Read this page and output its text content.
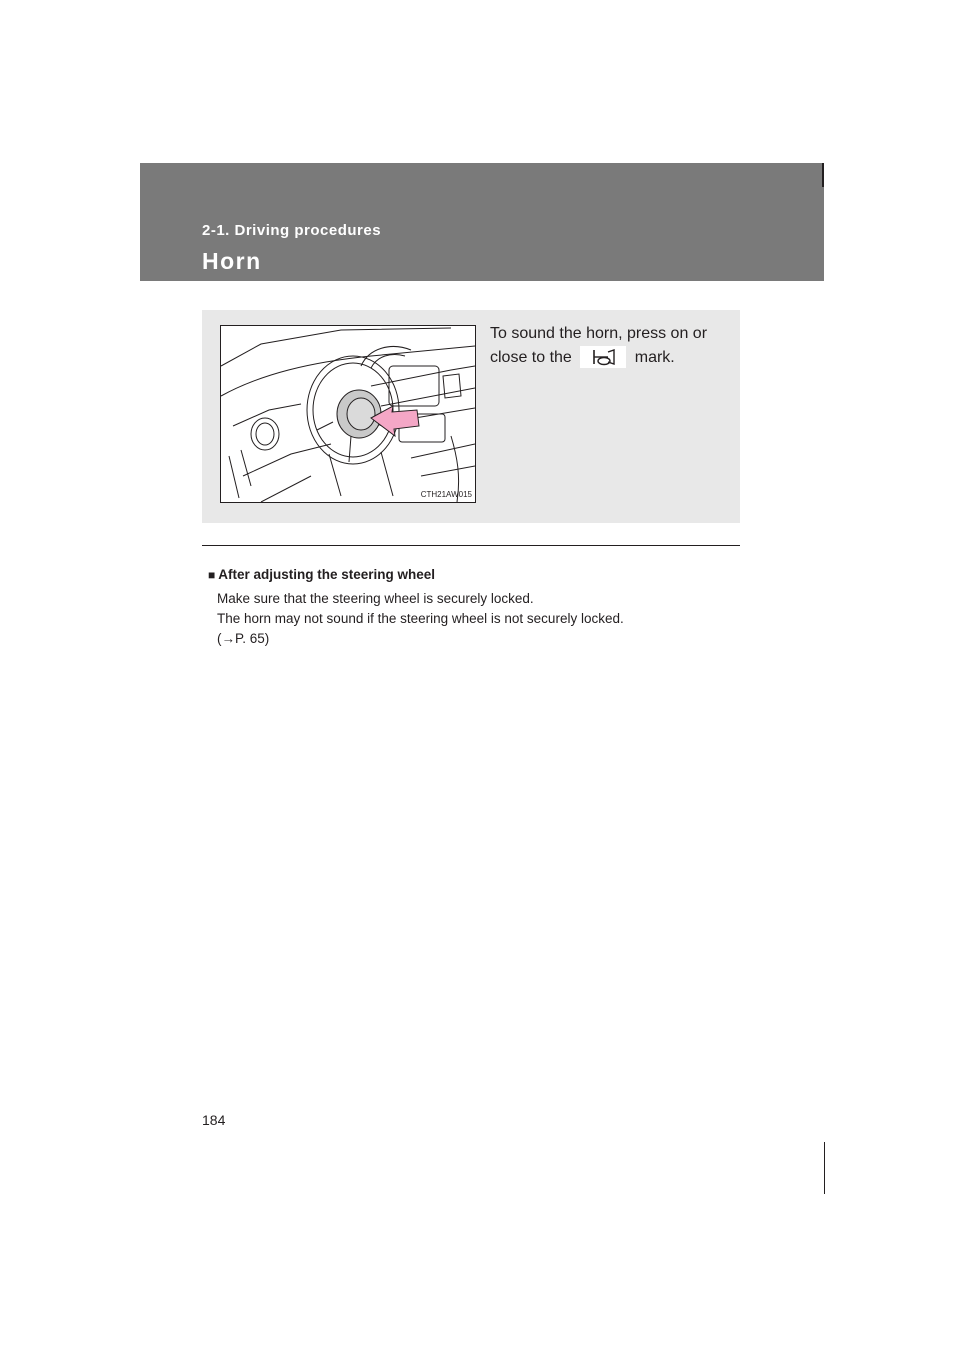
2-1. Driving procedures

Horn
CTH21AW015
To sound the horn, press on or close to the	mark.
■ After adjusting the steering wheel
Make sure that the steering wheel is securely locked.
The horn may not sound if the steering wheel is not securely locked.
(→P. 65)
184
